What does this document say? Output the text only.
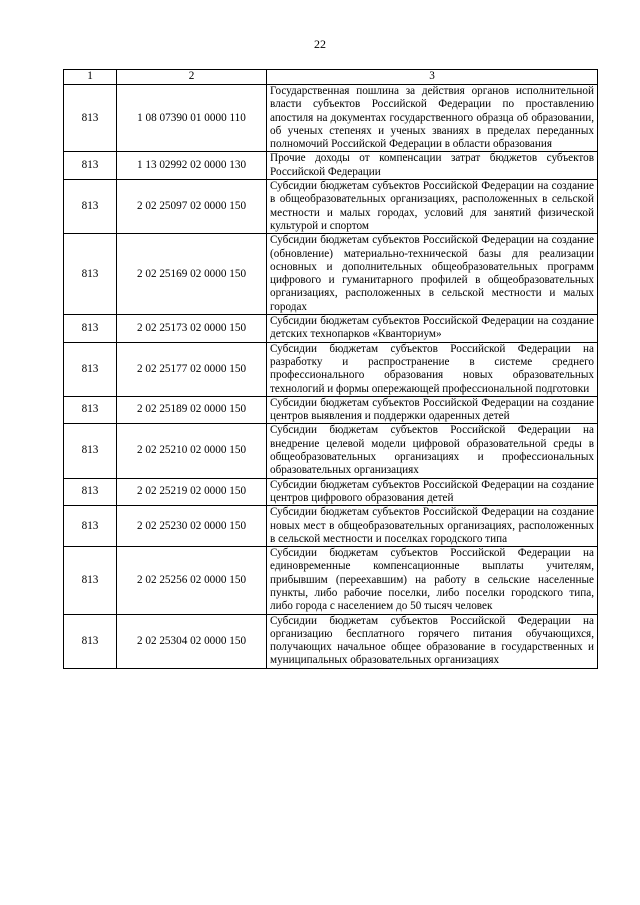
22
1	2	3
813	1 08 07390 01 0000 110	Государственная пошлина за действия органов исполнительной власти субъектов Российской Федерации по проставлению апостиля на документах государственного образца об образовании, об ученых степенях и ученых званиях в пределах переданных полномочий Российской Федерации в области образования
813	1 13 02992 02 0000 130	Прочие доходы от компенсации затрат бюджетов субъектов Российской Федерации
813	2 02 25097 02 0000 150	Субсидии бюджетам субъектов Российской Федерации на создание в общеобразовательных организациях, расположенных в сельской местности и малых городах, условий для занятий физической культурой и спортом
813	2 02 25169 02 0000 150	Субсидии бюджетам субъектов Российской Федерации на создание (обновление) материально-технической базы для реализации основных и дополнительных общеобразовательных программ цифрового и гуманитарного профилей в общеобразовательных организациях, расположенных в сельской местности и малых городах
813	2 02 25173 02 0000 150	Субсидии бюджетам субъектов Российской Федерации на создание детских технопарков «Кванториум»
813	2 02 25177 02 0000 150	Субсидии бюджетам субъектов Российской Федерации на разработку и распространение в системе среднего профессионального образования новых образовательных технологий и формы опережающей профессиональной подготовки
813	2 02 25189 02 0000 150	Субсидии бюджетам субъектов Российской Федерации на создание центров выявления и поддержки одаренных детей
813	2 02 25210 02 0000 150	Субсидии бюджетам субъектов Российской Федерации на внедрение целевой модели цифровой образовательной среды в общеобразовательных организациях и профессиональных образовательных организациях
813	2 02 25219 02 0000 150	Субсидии бюджетам субъектов Российской Федерации на создание центров цифрового образования детей
813	2 02 25230 02 0000 150	Субсидии бюджетам субъектов Российской Федерации на создание новых мест в общеобразовательных организациях, расположенных в сельской местности и поселках городского типа
813	2 02 25256 02 0000 150	Субсидии бюджетам субъектов Российской Федерации на единовременные компенсационные выплаты учителям, прибывшим (переехавшим) на работу в сельские населенные пункты, либо рабочие поселки, либо поселки городского типа, либо города с населением до 50 тысяч человек
813	2 02 25304 02 0000 150	Субсидии бюджетам субъектов Российской Федерации на организацию бесплатного горячего питания обучающихся, получающих начальное общее образование в государственных и муниципальных образовательных организациях
